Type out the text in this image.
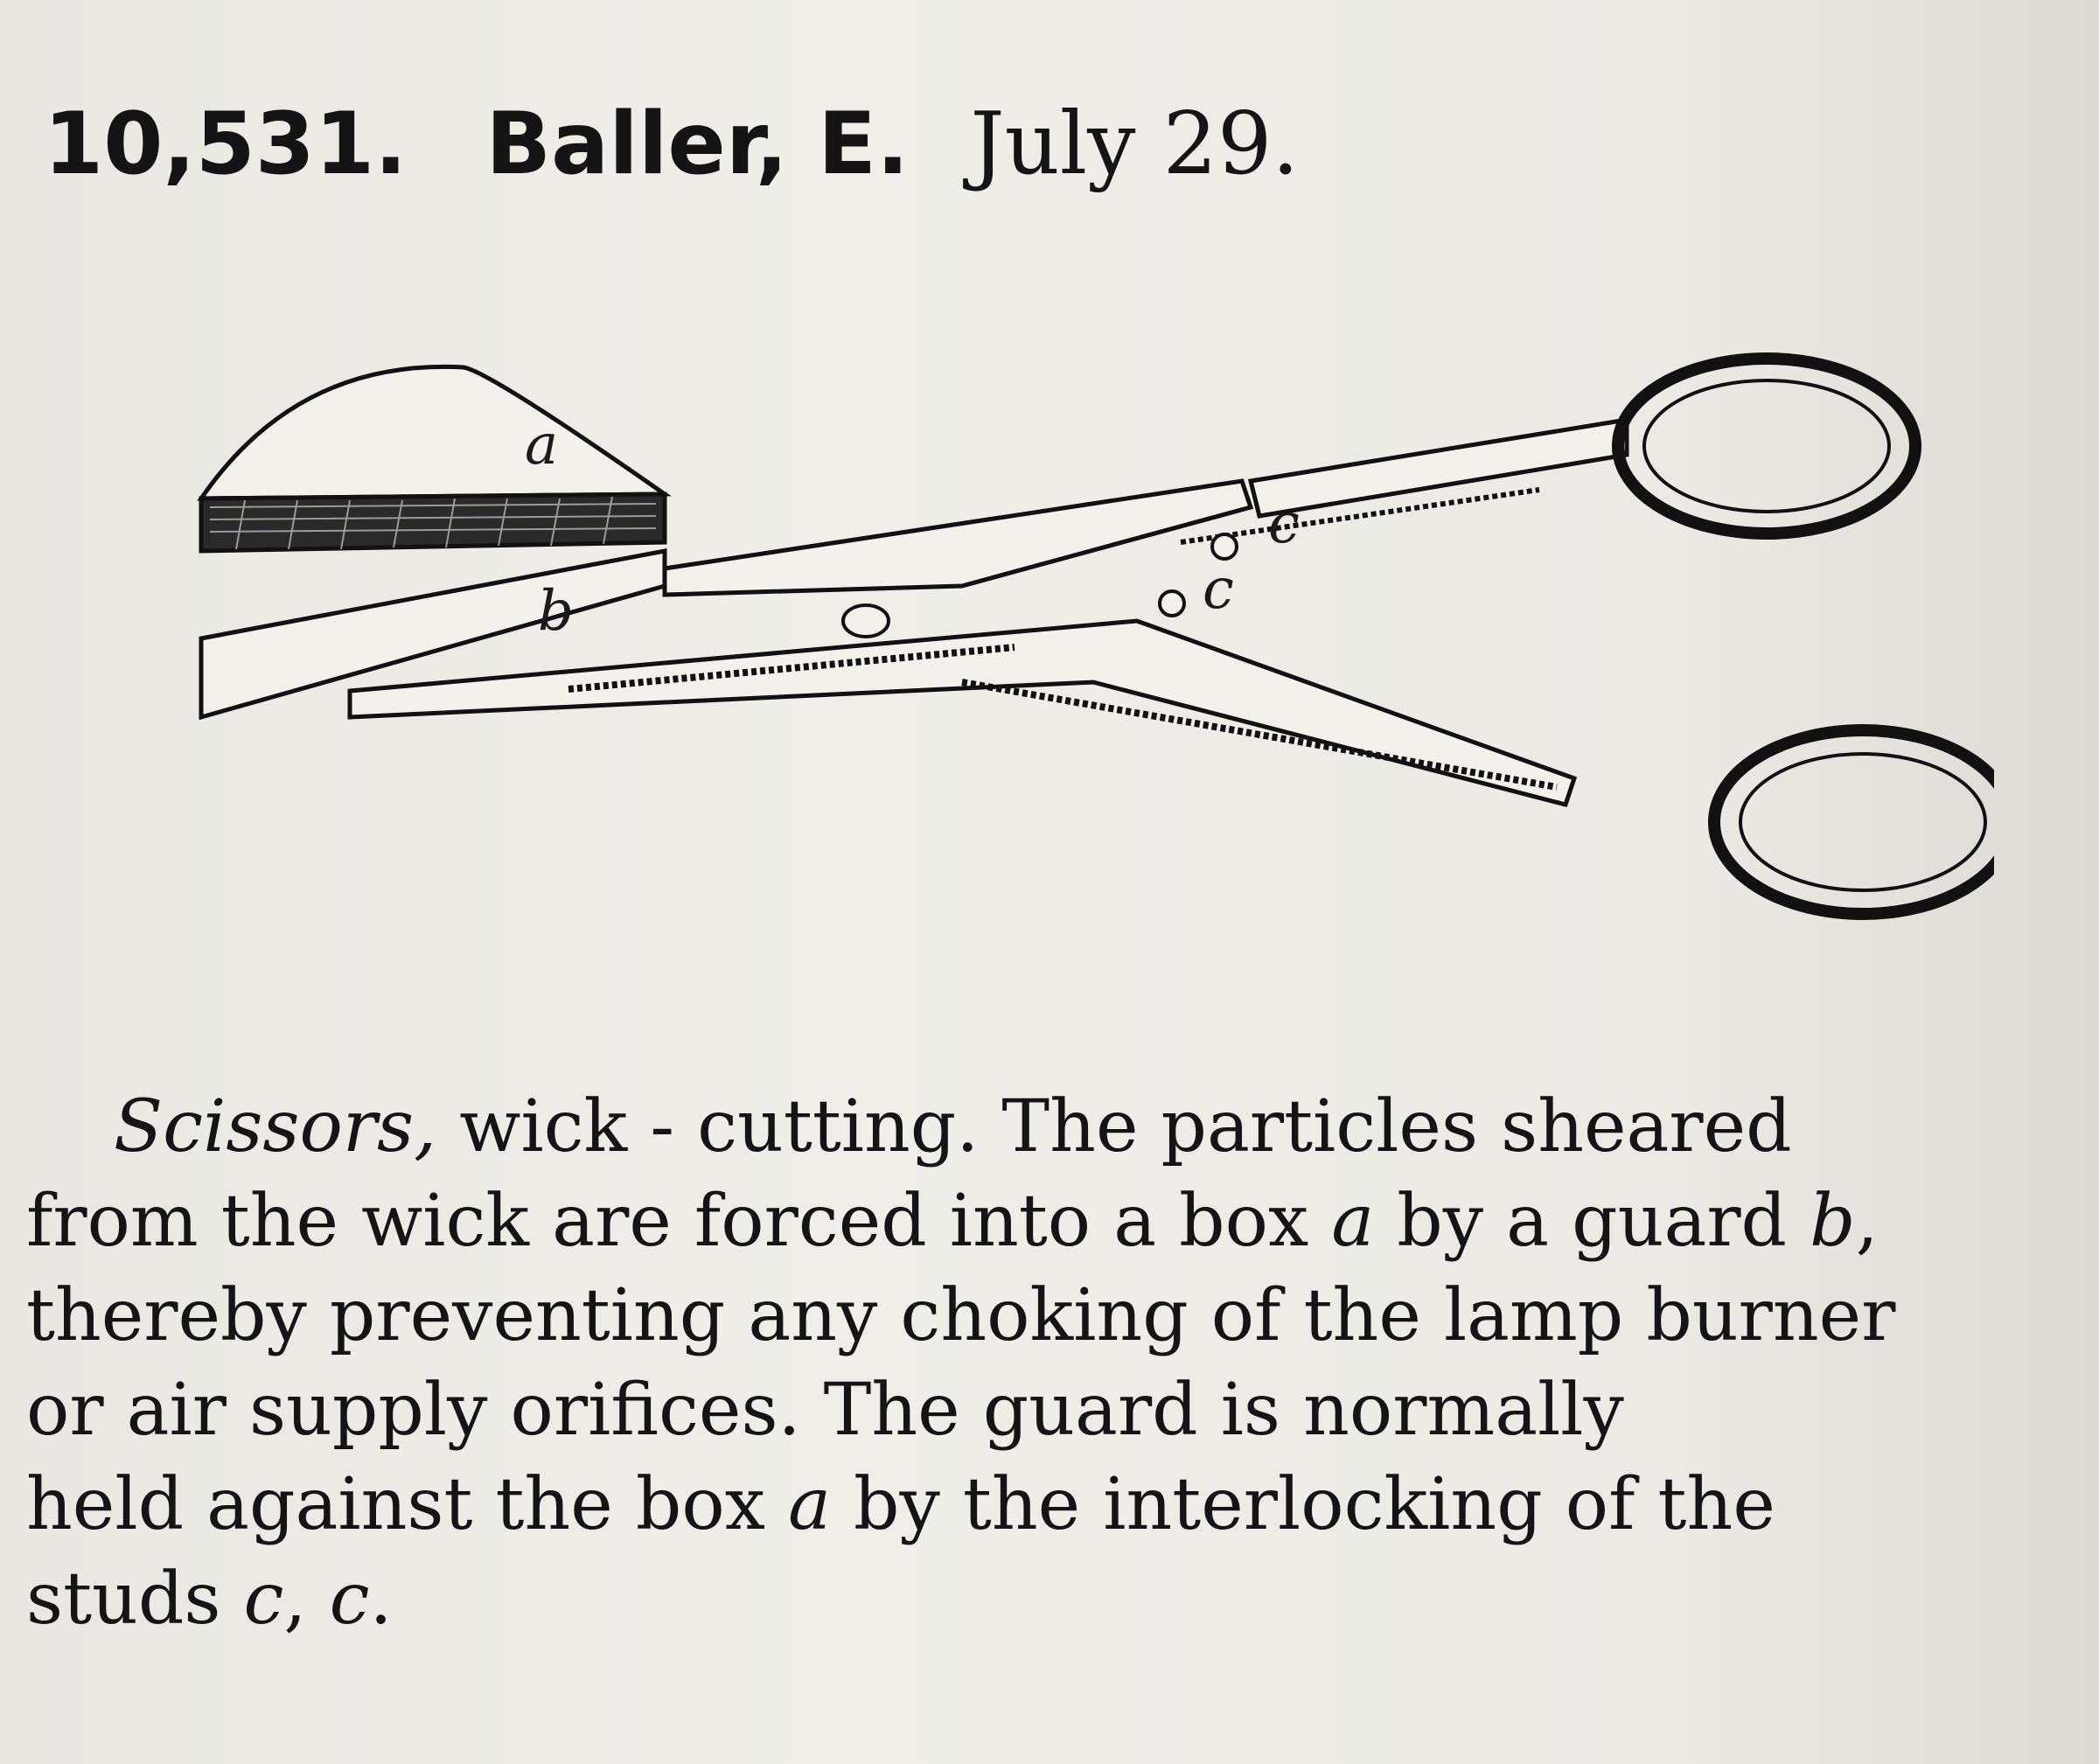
10,531. Baller, E. July 29.
a
b
c
c
Scissors, wick - cutting. The particles sheared
from the wick are forced into a box a by a guard b,
thereby preventing any choking of the lamp burner
or air supply orifices. The guard is normally
held against the box a by the interlocking of the
studs c, c.
